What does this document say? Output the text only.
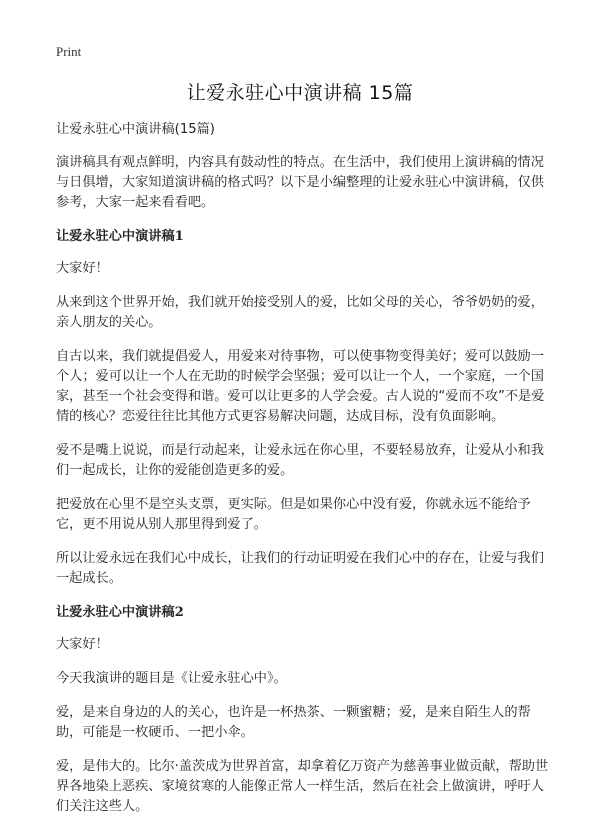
Print
让爱永驻心中演讲稿 15篇

让爱永驻心中演讲稿(15篇)

演讲稿具有观点鲜明，内容具有鼓动性的特点。在生活中，我们使用上演讲稿的情况与日俱增，大家知道演讲稿的格式吗？以下是小编整理的让爱永驻心中演讲稿，仅供参考，大家一起来看看吧。

让爱永驻心中演讲稿1

大家好！

从来到这个世界开始，我们就开始接受别人的爱，比如父母的关心，爷爷奶奶的爱，亲人朋友的关心。

自古以来，我们就提倡爱人，用爱来对待事物，可以使事物变得美好；爱可以鼓励一个人；爱可以让一个人在无助的时候学会坚强；爱可以让一个人，一个家庭，一个国家，甚至一个社会变得和谐。爱可以让更多的人学会爱。古人说的“爱而不攻”不是爱情的核心？恋爱往往比其他方式更容易解决问题，达成目标，没有负面影响。

爱不是嘴上说说，而是行动起来，让爱永远在你心里，不要轻易放弃，让爱从小和我们一起成长，让你的爱能创造更多的爱。

把爱放在心里不是空头支票，更实际。但是如果你心中没有爱，你就永远不能给予它，更不用说从别人那里得到爱了。

所以让爱永远在我们心中成长，让我们的行动证明爱在我们心中的存在，让爱与我们一起成长。

让爱永驻心中演讲稿2

大家好！

今天我演讲的题目是《让爱永驻心中》。

爱，是来自身边的人的关心，也许是一杯热茶、一颗蜜糖；爱，是来自陌生人的帮助，可能是一枚硬币、一把小伞。

爱，是伟大的。比尔·盖茨成为世界首富，却拿着亿万资产为慈善事业做贡献，帮助世界各地染上恶疾、家境贫寒的人能像正常人一样生活，然后在社会上做演讲，呼吁人们关注这些人。
